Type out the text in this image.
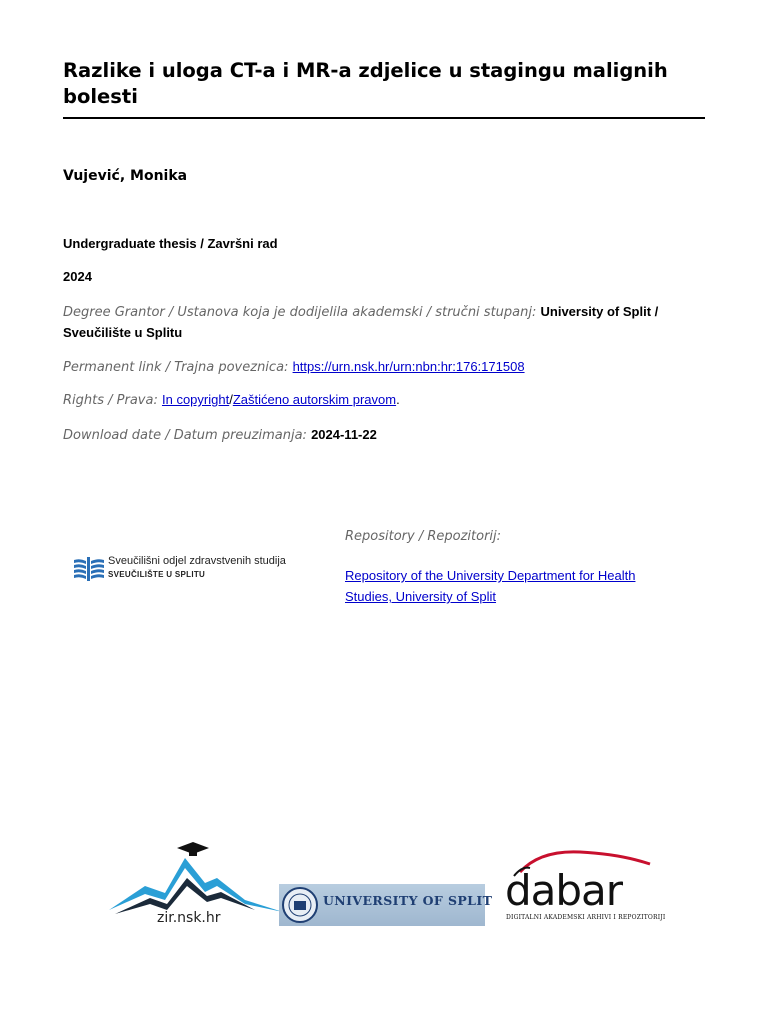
Razlike i uloga CT-a i MR-a zdjelice u stagingu malignih bolesti
Vujević, Monika
Undergraduate thesis / Završni rad
2024
Degree Grantor / Ustanova koja je dodijelila akademski / stručni stupanj: University of Split / Sveučilište u Splitu
Permanent link / Trajna poveznica: https://urn.nsk.hr/urn:nbn:hr:176:171508
Rights / Prava: In copyright/Zaštićeno autorskim pravom.
Download date / Datum preuzimanja: 2024-11-22
Sveučilišni odjel zdravstvenih studija
SVEUČILIŠTE U SPLITU
Repository / Repozitorij:
Repository of the University Department for Health Studies, University of Split
zir.nsk.hr
UNIVERSITY OF SPLIT dabar
DIGITALNI AKADEMSKI ARHIVI I REPOZITORIJI
